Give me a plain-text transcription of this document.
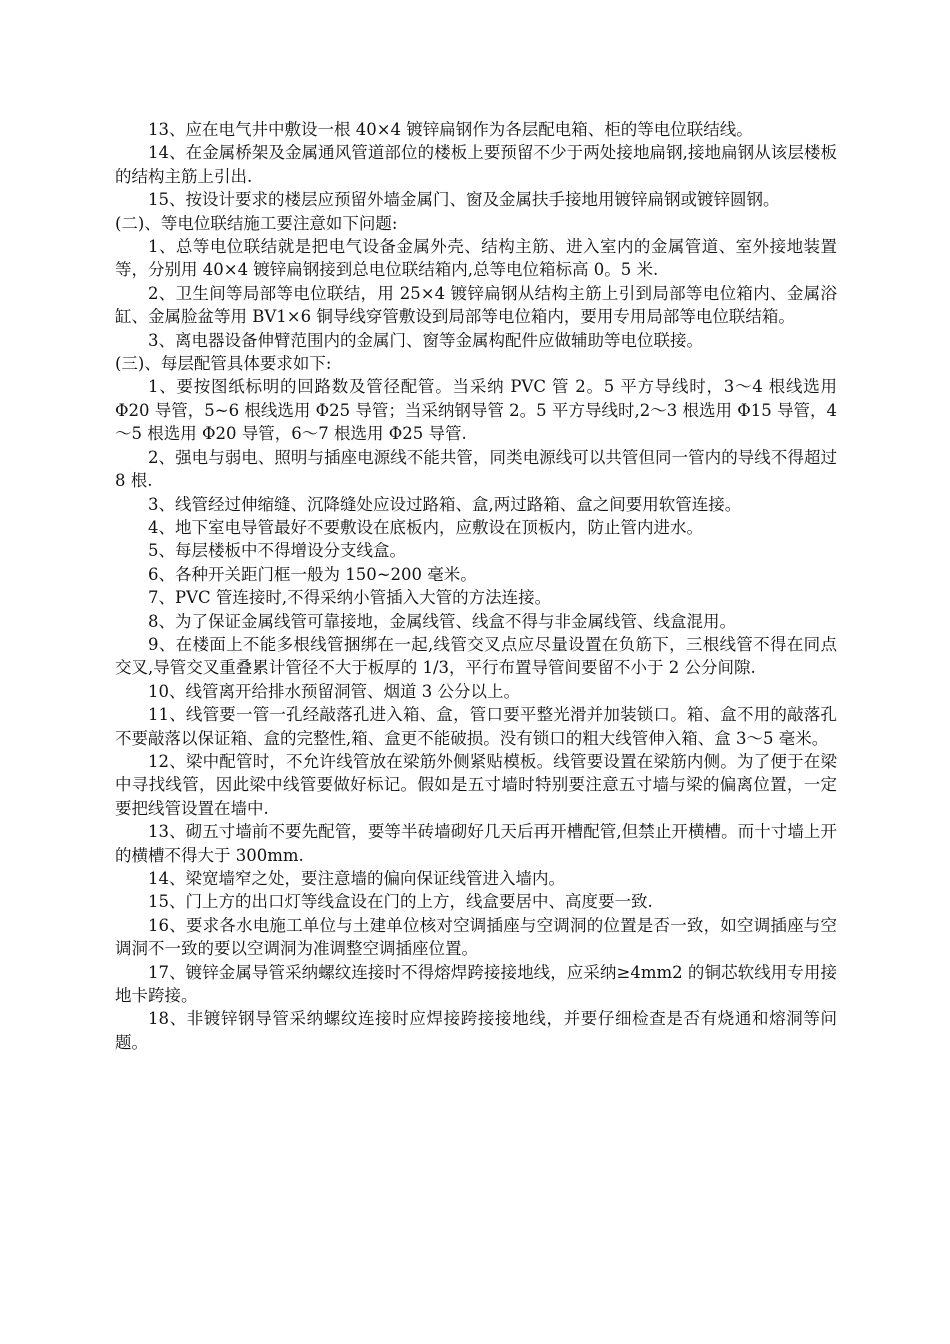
13、应在电气井中敷设一根 40×4 镀锌扁钢作为各层配电箱、柜的等电位联结线。

14、在金属桥架及金属通风管道部位的楼板上要预留不少于两处接地扁钢,接地扁钢从该层楼板的结构主筋上引出.

15、按设计要求的楼层应预留外墙金属门、窗及金属扶手接地用镀锌扁钢或镀锌圆钢。

(二)、等电位联结施工要注意如下问题:

1、总等电位联结就是把电气设备金属外壳、结构主筋、进入室内的金属管道、室外接地装置等，分别用 40×4 镀锌扁钢接到总电位联结箱内,总等电位箱标高 0。5 米.

2、卫生间等局部等电位联结，用 25×4 镀锌扁钢从结构主筋上引到局部等电位箱内、金属浴缸、金属脸盆等用 BV1×6 铜导线穿管敷设到局部等电位箱内，要用专用局部等电位联结箱。

3、离电器设备伸臂范围内的金属门、窗等金属构配件应做辅助等电位联接。

(三)、每层配管具体要求如下:

1、要按图纸标明的回路数及管径配管。当采纳 PVC 管 2。5 平方导线时，3～4 根线选用 Φ20 导管，5~6 根线选用 Φ25 导管；当采纳钢导管 2。5 平方导线时,2～3 根选用 Φ15 导管，4～5 根选用 Φ20 导管，6～7 根选用 Φ25 导管.

2、强电与弱电、照明与插座电源线不能共管，同类电源线可以共管但同一管内的导线不得超过 8 根.

3、线管经过伸缩缝、沉降缝处应设过路箱、盒,两过路箱、盒之间要用软管连接。

4、地下室电导管最好不要敷设在底板内，应敷设在顶板内，防止管内进水。

5、每层楼板中不得增设分支线盒。

6、各种开关距门框一般为 150~200 毫米。

7、PVC 管连接时,不得采纳小管插入大管的方法连接。

8、为了保证金属线管可靠接地，金属线管、线盒不得与非金属线管、线盒混用。

9、在楼面上不能多根线管捆绑在一起,线管交叉点应尽量设置在负筋下，三根线管不得在同点交叉,导管交叉重叠累计管径不大于板厚的 1/3，平行布置导管间要留不小于 2 公分间隙.

10、线管离开给排水预留洞管、烟道 3 公分以上。

11、线管要一管一孔经敲落孔进入箱、盒，管口要平整光滑并加装锁口。箱、盒不用的敲落孔不要敲落以保证箱、盒的完整性,箱、盒更不能破损。没有锁口的粗大线管伸入箱、盒 3～5 毫米。

12、梁中配管时，不允许线管放在梁筋外侧紧贴模板。线管要设置在梁筋内侧。为了便于在梁中寻找线管，因此梁中线管要做好标记。假如是五寸墙时特别要注意五寸墙与梁的偏离位置，一定要把线管设置在墙中.

13、砌五寸墙前不要先配管，要等半砖墙砌好几天后再开槽配管,但禁止开横槽。而十寸墙上开的横槽不得大于 300mm.

14、梁宽墙窄之处，要注意墙的偏向保证线管进入墙内。

15、门上方的出口灯等线盒设在门的上方，线盒要居中、高度要一致.

16、要求各水电施工单位与土建单位核对空调插座与空调洞的位置是否一致，如空调插座与空调洞不一致的要以空调洞为准调整空调插座位置。

17、镀锌金属导管采纳螺纹连接时不得熔焊跨接接地线，应采纳≥4mm2 的铜芯软线用专用接地卡跨接。

18、非镀锌钢导管采纳螺纹连接时应焊接跨接接地线，并要仔细检查是否有烧通和熔洞等问题。
